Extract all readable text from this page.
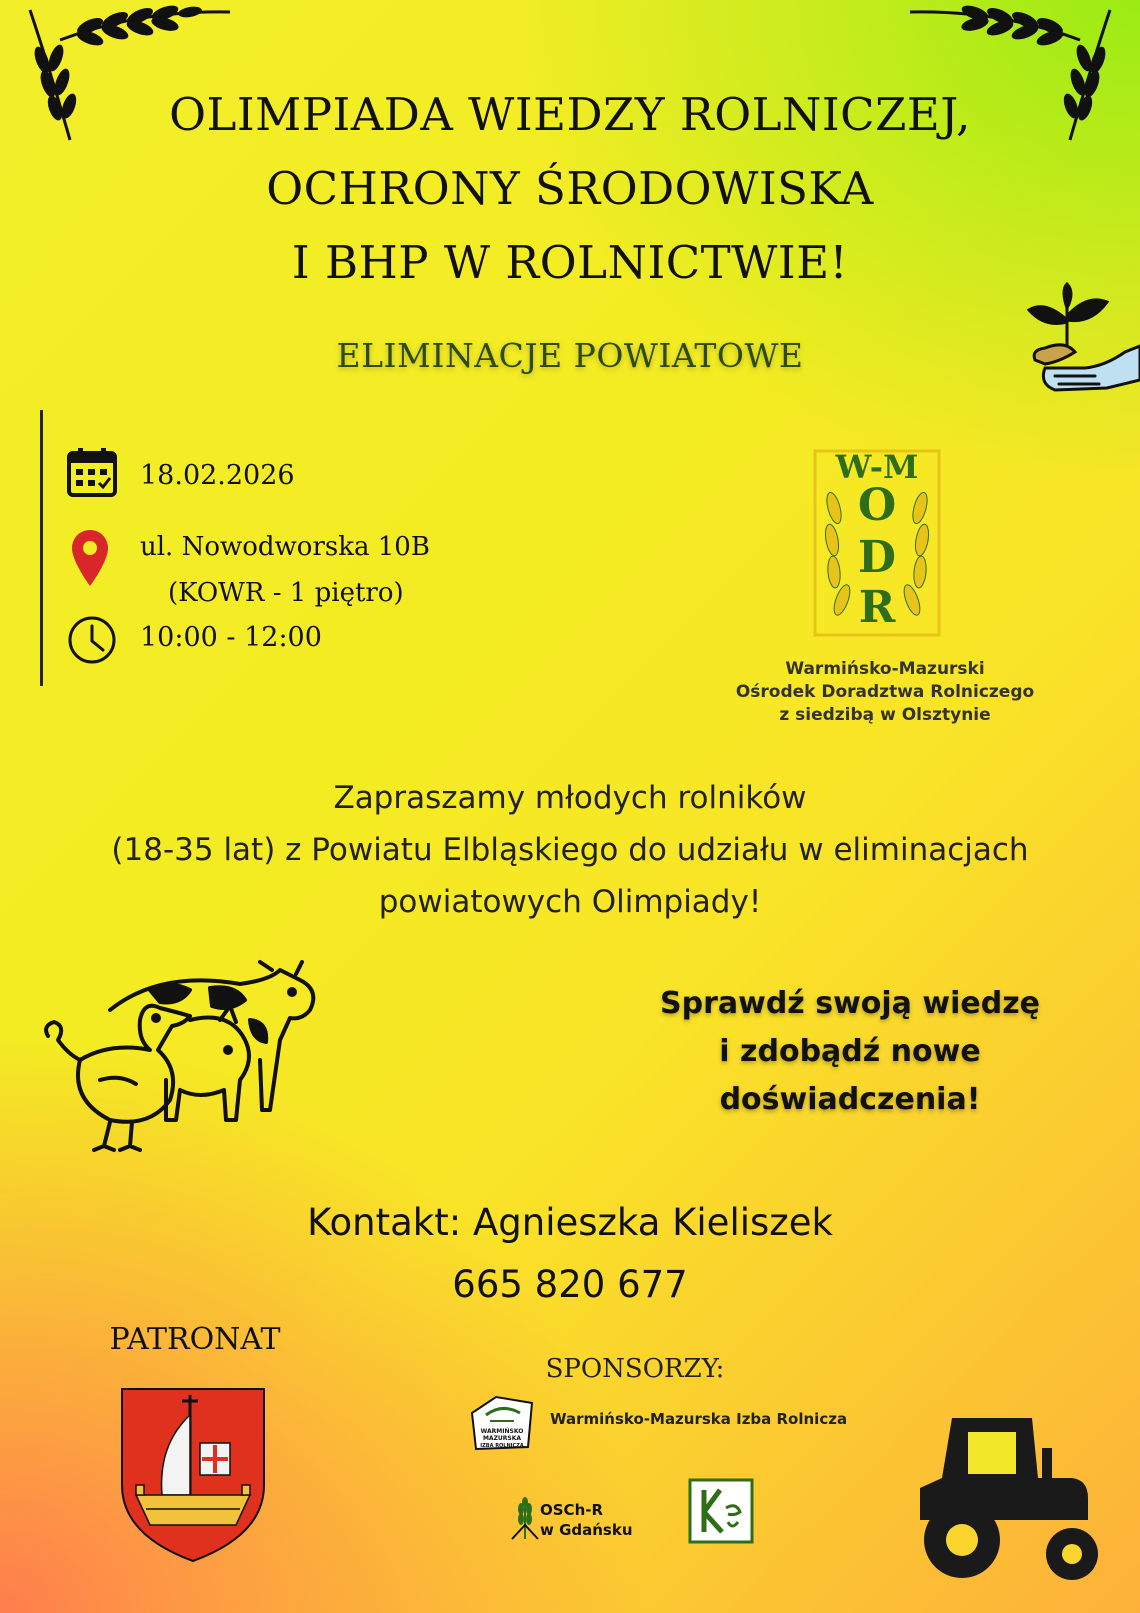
OLIMPIADA WIEDZY ROLNICZEJ,
OCHRONY ŚRODOWISKA
I BHP W ROLNICTWIE!
ELIMINACJE POWIATOWE
18.02.2026
ul. Nowodworska 10B
(KOWR - 1 piętro)
10:00 - 12:00
W-M
O
D
R
Warmińsko-Mazurski
Ośrodek Doradztwa Rolniczego
z siedzibą w Olsztynie
Zapraszamy młodych rolników
(18-35 lat) z Powiatu Elbląskiego do udziału w eliminacjach
powiatowych Olimpiady!
Sprawdź swoją wiedzę
i zdobądź nowe
doświadczenia!
Kontakt: Agnieszka Kieliszek
665 820 677
PATRONAT
SPONSORZY:
WARMIŃSKO
MAZURSKA
IZBA ROLNICZA
Warmińsko-Mazurska Izba Rolnicza
OSCh-R
w Gdańsku
